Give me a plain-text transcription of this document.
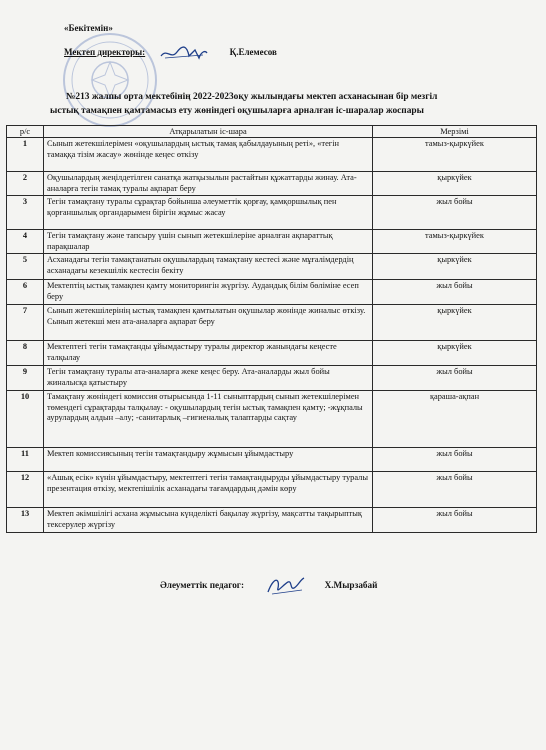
«Бекітемін»
Мектеп директоры:	Қ.Елемесов
№213 жалпы орта мектебінің 2022-2023оқу жылындағы мектеп асханасынан бір мезгіл
ыстық тамақпен қамтамасыз ету жөніндегі оқушыларға арналған іс-шаралар жоспары
р/с	Атқарылатын іс-шара	Мерзімі
1	Сынып жетекшілерімен «оқушылардың ыстық тамақ қабылдауының реті», «тегін тамаққа тізім жасау» жөнінде кеңес өткізу	тамыз-қыркүйек
2	Оқушылардың жеңілдетілген санатқа жатқызылын растайтын құжаттарды жинау. Ата-аналарға тегін тамақ туралы ақпарат беру	қыркүйек
3	Тегін тамақтану туралы сұрақтар бойынша әлеуметтік қорғау, қамқоршылық пен қорғаншылық органдарымен бірігін жұмыс жасау	жыл бойы
4	Тегін тамақтану және тапсыру үшін сынып жетекшілеріне арналған ақпараттық парақшалар	тамыз-қыркүйек
5	Асханадағы тегін тамақтанатын оқушылардың тамақтану кестесі және мұғалімдердің асханадағы кезекшілік кестесін бекіту	қыркүйек
6	Мектептің ыстық тамақпен қамту мониторингін жүргізу. Аудандық білім бөліміне есеп беру	жыл бойы
7	Сынып жетекшілерінің ыстық тамақпен қамтылатын оқушылар жөнінде жиналыс өткізу. Сынып жетекші мен ата-аналарға ақпарат беру	қыркүйек
8	Мектептегі тегін тамақтанды ұйымдастыру туралы директор жанындағы кеңесте талқылау	қыркүйек
9	Тегін тамақтану туралы ата-аналарға жеке кеңес беру. Ата-аналарды жыл бойы жиналысқа қатыстыру	жыл бойы
10	Тамақтану жөніндегі комиссия отырысында 1-11 сыныптардың сынып жетекшілерімен төмендегі сұрақтарды талқылау: - оқушылардың тегін ыстық тамақпен қамту; -жұқпалы аурулардың алдын –алу; -санитарлық –гигиеналық талаптарды сақтау	қараша-ақпан
11	Мектеп комиссиясының тегін тамақтандыру жұмысын ұйымдастыру	жыл бойы
12	«Ашық есік» күнін ұйымдастыру, мектептегі тегін тамақтандыруды ұйымдастыру туралы презентация өткізу, мектепішілік асханадағы тағамдардың дәмін көру	жыл бойы
13	Мектеп әкімшілігі асхана жұмысына күнделікті бақылау жүргізу, мақсатты тақырыптық тексерулер жүргізу	жыл бойы
Әлеуметтік педагог:	Х.Мырзабай
